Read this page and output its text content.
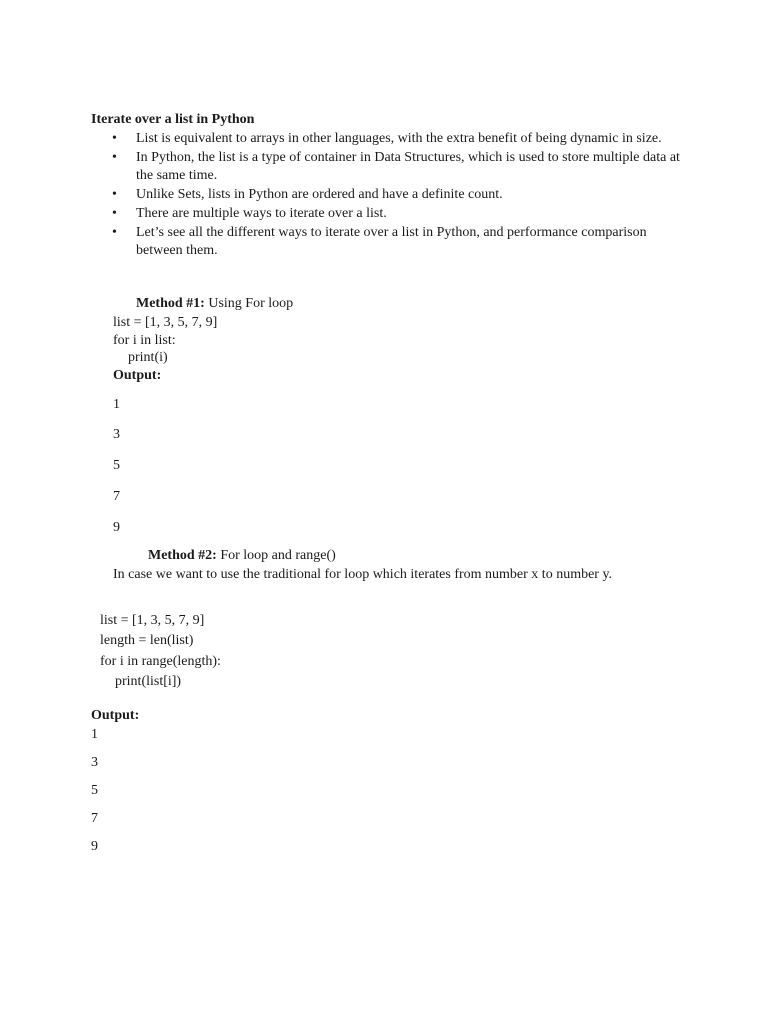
Iterate over a list in Python
• List is equivalent to arrays in other languages, with the extra benefit of being dynamic in size.
• In Python, the list is a type of container in Data Structures, which is used to store multiple data at the same time.
• Unlike Sets, lists in Python are ordered and have a definite count.
• There are multiple ways to iterate over a list.
• Let’s see all the different ways to iterate over a list in Python, and performance comparison between them.
Method #1: Using For loop
list = [1, 3, 5, 7, 9]
for i in list:
print(i)
Output:
1
3
5
7
9
Method #2: For loop and range()
In case we want to use the traditional for loop which iterates from number x to number y.
list = [1, 3, 5, 7, 9]
length = len(list)
for i in range(length):
print(list[i])
Output:
1
3
5
7
9
